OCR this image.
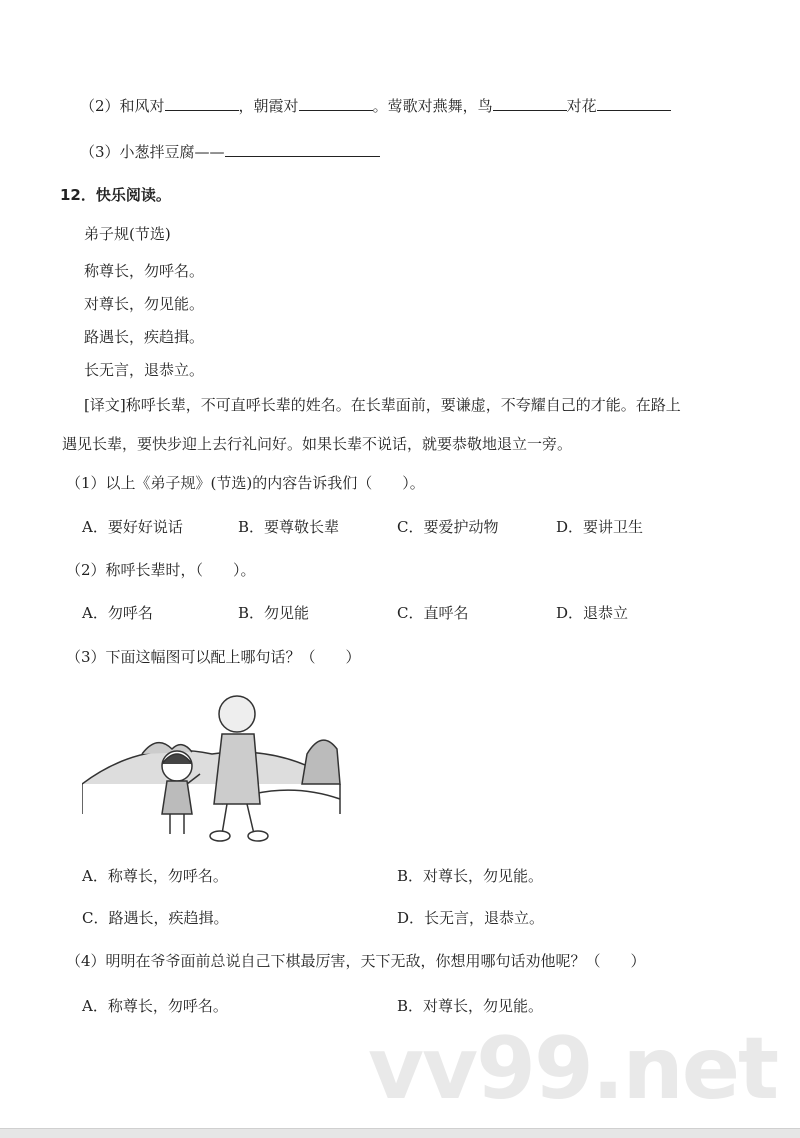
（2）和风对	，朝霞对	。莺歌对燕舞，鸟	对花
（3）小葱拌豆腐——
12．快乐阅读。
弟子规(节选)
称尊长，勿呼名。
对尊长，勿见能。
路遇长，疾趋揖。
长无言，退恭立。
[译文]称呼长辈，不可直呼长辈的姓名。在长辈面前，要谦虚，不夸耀自己的才能。在路上
遇见长辈，要快步迎上去行礼问好。如果长辈不说话，就要恭敬地退立一旁。
（1）以上《弟子规》(节选)的内容告诉我们（　　）。
A．要好好说话	B．要尊敬长辈	C．要爱护动物	D．要讲卫生
（2）称呼长辈时，（　　）。
A．勿呼名	B．勿见能	C．直呼名	D．退恭立
（3）下面这幅图可以配上哪句话？（　　）
A．称尊长，勿呼名。	B．对尊长，勿见能。
C．路遇长，疾趋揖。	D．长无言，退恭立。
（4）明明在爷爷面前总说自己下棋最厉害，天下无敌，你想用哪句话劝他呢？（　　）
A．称尊长，勿呼名。	B．对尊长，勿见能。
vv99.net
